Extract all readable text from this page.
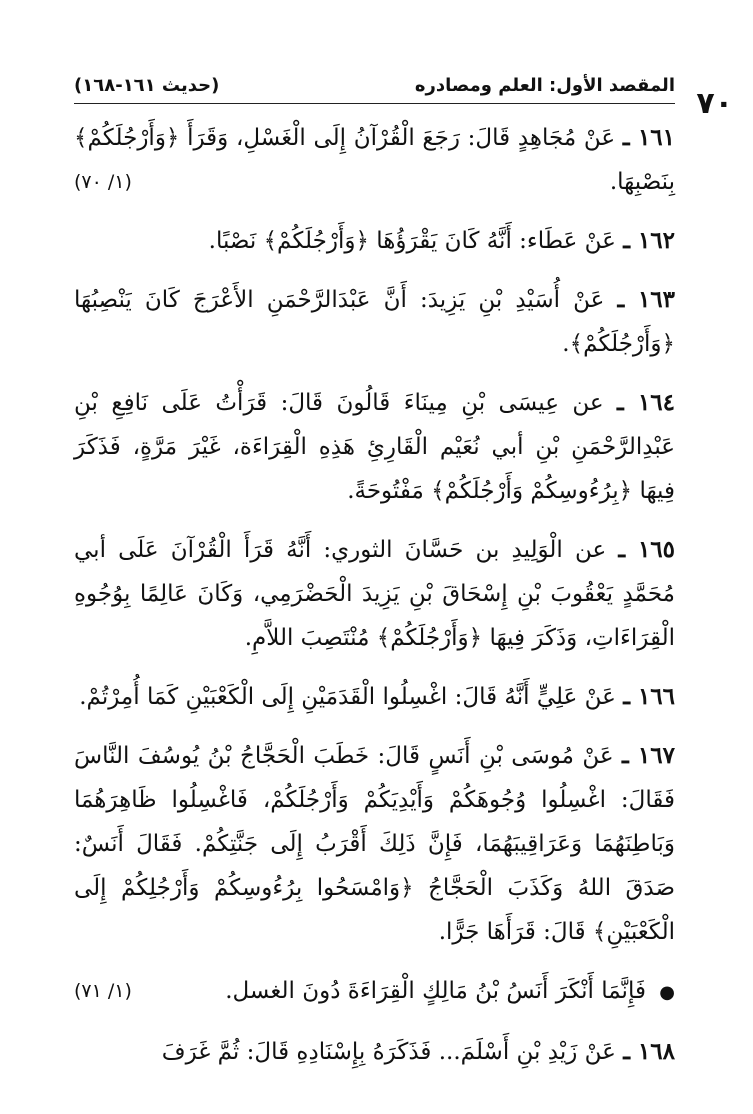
٧٠
المقصد الأول: العلم ومصادره
(حديث ١٦١-١٦٨)

١٦١ ـ عَنْ مُجَاهِدٍ قَالَ: رَجَعَ الْقُرْآنُ إِلَى الْغَسْلِ، وَقَرَأَ ﴿وَأَرْجُلَكُمْ﴾ بِنَصْبِهَا.
(١/ ٧٠)

١٦٢ ـ عَنْ عَطَاء: أَنَّهُ كَانَ يَقْرَؤُهَا ﴿وَأَرْجُلَكُمْ﴾ نَصْبًا.

١٦٣ ـ عَنْ أُسَيْدِ بْنِ يَزِيدَ: أَنَّ عَبْدَالرَّحْمَنِ الأَعْرَجَ كَانَ يَنْصِبُهَا ﴿وَأَرْجُلَكُمْ﴾.

١٦٤ ـ عن عِيسَى بْنِ مِينَاءَ قَالُونَ قَالَ: قَرَأْتُ عَلَى نَافِعِ بْنِ عَبْدِالرَّحْمَنِ بْنِ أبي نُعَيْم الْقَارِئِ هَذِهِ الْقِرَاءَة، غَيْرَ مَرَّةٍ، فَذَكَرَ فِيهَا ﴿بِرُءُوسِكُمْ وَأَرْجُلَكُمْ﴾ مَفْتُوحَةً.

١٦٥ ـ عن الْوَلِيدِ بن حَسَّانَ الثوري: أَنَّهُ قَرَأَ الْقُرْآنَ عَلَى أبي مُحَمَّدٍ يَعْقُوبَ بْنِ إِسْحَاقَ بْنِ يَزِيدَ الْحَضْرَمِي، وَكَانَ عَالِمًا بِوُجُوهِ الْقِرَاءَاتِ، وَذَكَرَ فِيهَا ﴿وَأَرْجُلَكُمْ﴾ مُنْتَصِبَ اللاَّمِ.

١٦٦ ـ عَنْ عَلِيٍّ أَنَّهُ قَالَ: اغْسِلُوا الْقَدَمَيْنِ إِلَى الْكَعْبَيْنِ كَمَا أُمِرْتُمْ.

١٦٧ ـ عَنْ مُوسَى بْنِ أَنَسٍ قَالَ: خَطَبَ الْحَجَّاجُ بْنُ يُوسُفَ النَّاسَ فَقَالَ: اغْسِلُوا وُجُوهَكُمْ وَأَيْدِيَكُمْ وَأَرْجُلَكُمْ، فَاغْسِلُوا ظَاهِرَهُمَا وَبَاطِنَهُمَا وَعَرَاقِيبَهُمَا، فَإِنَّ ذَلِكَ أَقْرَبُ إِلَى جَنَّتِكُمْ. فَقَالَ أَنَسٌ: صَدَقَ اللهُ وَكَذَبَ الْحَجَّاجُ ﴿وَامْسَحُوا بِرُءُوسِكُمْ وَأَرْجُلِكُمْ إِلَى الْكَعْبَيْنِ﴾ قَالَ: قَرَأَهَا جَرًّا.

(١/ ٧١)	● فَإِنَّمَا أَنْكَرَ أَنَسُ بْنُ مَالِكٍ الْقِرَاءَةَ دُونَ الغسل.

١٦٨ ـ عَنْ زَيْدِ بْنِ أَسْلَمَ... فَذَكَرَهُ بِإِسْنَادِهِ قَالَ: ثُمَّ غَرَفَ
